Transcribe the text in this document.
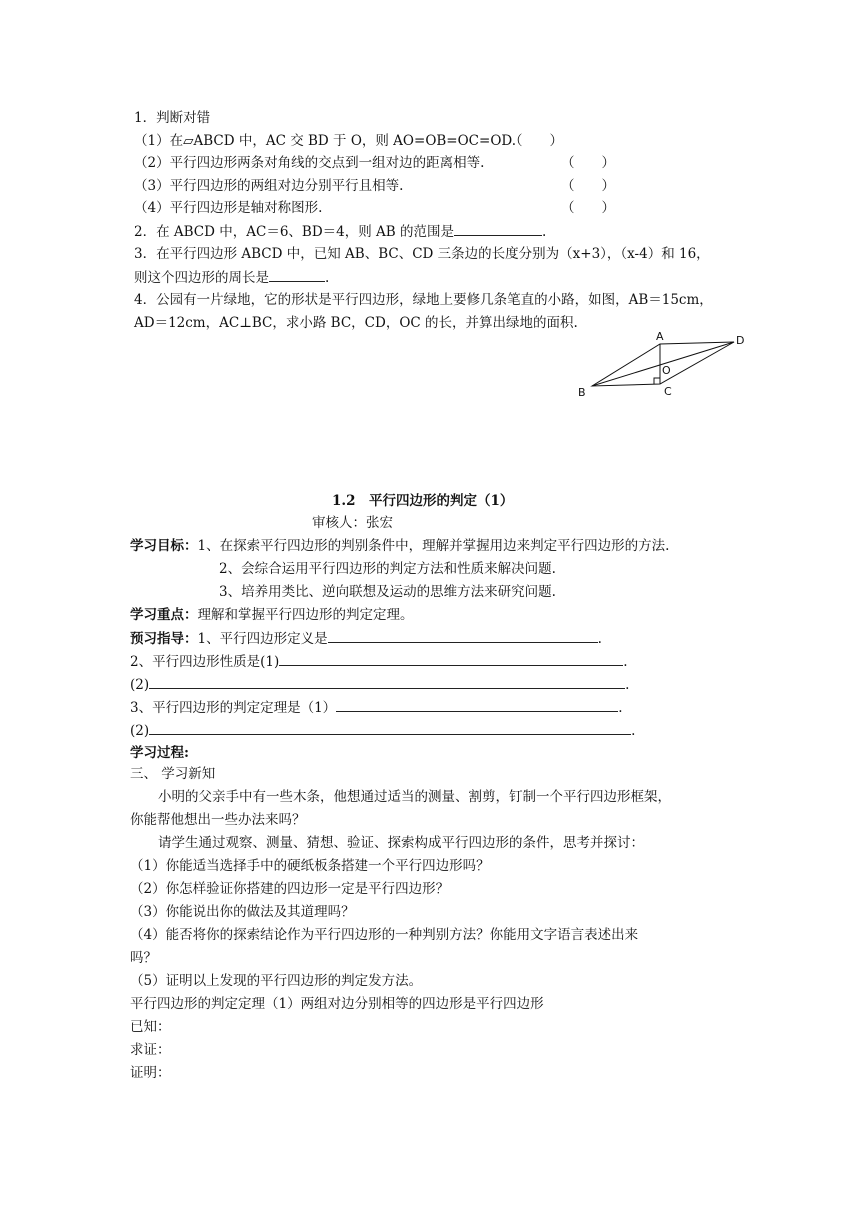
1．判断对错
（1）在▱ABCD 中，AC 交 BD 于 O，则 AO=OB=OC=OD.
（　　）
（2）平行四边形两条对角线的交点到一组对边的距离相等.	（　　）
（3）平行四边形的两组对边分别平行且相等.	（　　）
（4）平行四边形是轴对称图形.	（　　）
2．在 ABCD 中，AC＝6、BD＝4，则 AB 的范围是	.
3．在平行四边形 ABCD 中，已知 AB、BC、CD 三条边的长度分别为（x+3），（x-4）和 16，
则这个四边形的周长是	.
4．公园有一片绿地，它的形状是平行四边形，绿地上要修几条笔直的小路，如图，AB＝15cm，
AD＝12cm，AC⊥BC，求小路 BC，CD，OC 的长，并算出绿地的面积.
A	D
B	C
O
1.2　平行四边形的判定（1）
审核人：张宏
学习目标：1、在探索平行四边形的判别条件中，理解并掌握用边来判定平行四边形的方法.
2、会综合运用平行四边形的判定方法和性质来解决问题.
3、培养用类比、逆向联想及运动的思维方法来研究问题.
学习重点：理解和掌握平行四边形的判定定理。
预习指导：1、平行四边形定义是	.
2、平行四边形性质是(1)	.
(2)	.
3、平行四边形的判定定理是（1）	.
(2)	.
学习过程:
三、 学习新知
小明的父亲手中有一些木条，他想通过适当的测量、割剪，钉制一个平行四边形框架，
你能帮他想出一些办法来吗？
请学生通过观察、测量、猜想、验证、探索构成平行四边形的条件，思考并探讨：
（1）你能适当选择手中的硬纸板条搭建一个平行四边形吗？
（2）你怎样验证你搭建的四边形一定是平行四边形？
（3）你能说出你的做法及其道理吗？
（4）能否将你的探索结论作为平行四边形的一种判别方法？你能用文字语言表述出来
吗？
（5）证明以上发现的平行四边形的判定发方法。
平行四边形的判定定理（1）两组对边分别相等的四边形是平行四边形
已知：
求证：
证明：
